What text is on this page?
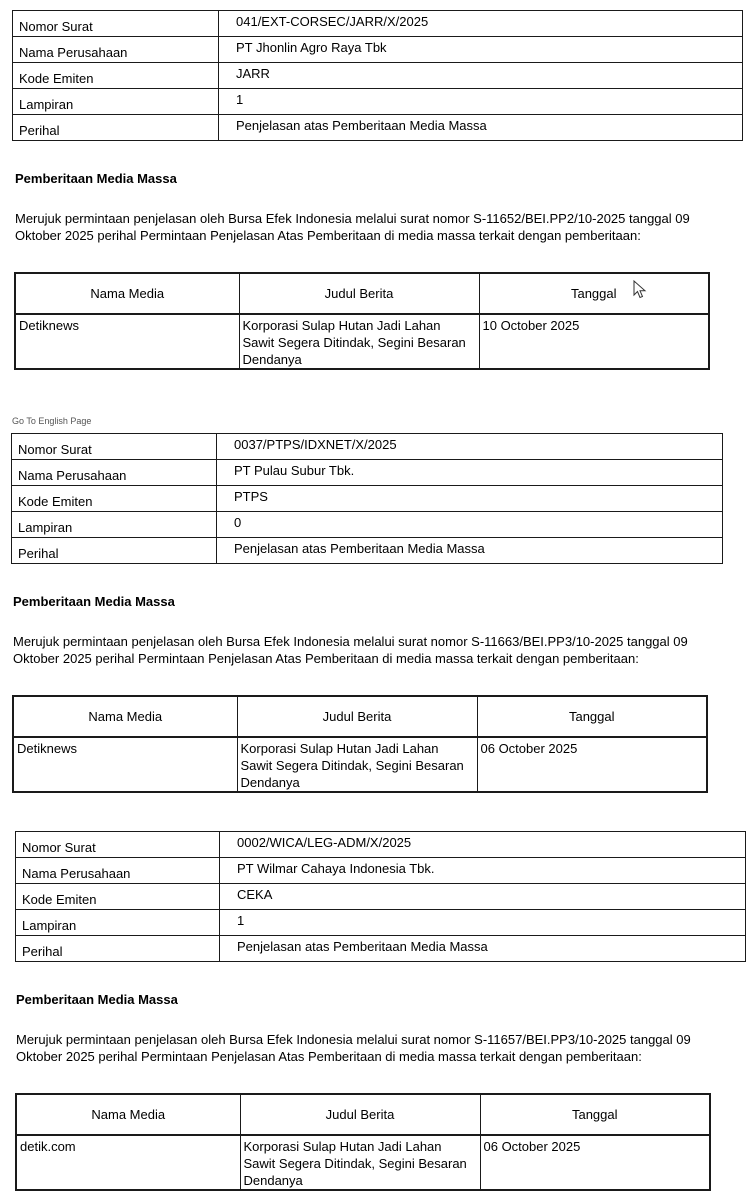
Nomor Surat	041/EXT-CORSEC/JARR/X/2025
Nama Perusahaan	PT Jhonlin Agro Raya Tbk
Kode Emiten	JARR
Lampiran	1
Perihal	Penjelasan atas Pemberitaan Media Massa
Pemberitaan Media Massa
Merujuk permintaan penjelasan oleh Bursa Efek Indonesia melalui surat nomor S-11652/BEI.PP2/10-2025 tanggal 09 Oktober 2025 perihal Permintaan Penjelasan Atas Pemberitaan di media massa terkait dengan pemberitaan:
Nama Media	Judul Berita	Tanggal
Detiknews	Korporasi Sulap Hutan Jadi Lahan Sawit Segera Ditindak, Segini Besaran Dendanya	10 October 2025
Go To English Page
Nomor Surat	0037/PTPS/IDXNET/X/2025
Nama Perusahaan	PT Pulau Subur Tbk.
Kode Emiten	PTPS
Lampiran	0
Perihal	Penjelasan atas Pemberitaan Media Massa
Pemberitaan Media Massa
Merujuk permintaan penjelasan oleh Bursa Efek Indonesia melalui surat nomor S-11663/BEI.PP3/10-2025 tanggal 09 Oktober 2025 perihal Permintaan Penjelasan Atas Pemberitaan di media massa terkait dengan pemberitaan:
Nama Media	Judul Berita	Tanggal
Detiknews	Korporasi Sulap Hutan Jadi Lahan Sawit Segera Ditindak, Segini Besaran Dendanya	06 October 2025
Nomor Surat	0002/WICA/LEG-ADM/X/2025
Nama Perusahaan	PT Wilmar Cahaya Indonesia Tbk.
Kode Emiten	CEKA
Lampiran	1
Perihal	Penjelasan atas Pemberitaan Media Massa
Pemberitaan Media Massa
Merujuk permintaan penjelasan oleh Bursa Efek Indonesia melalui surat nomor S-11657/BEI.PP3/10-2025 tanggal 09 Oktober 2025 perihal Permintaan Penjelasan Atas Pemberitaan di media massa terkait dengan pemberitaan:
Nama Media	Judul Berita	Tanggal
detik.com	Korporasi Sulap Hutan Jadi Lahan Sawit Segera Ditindak, Segini Besaran Dendanya	06 October 2025
